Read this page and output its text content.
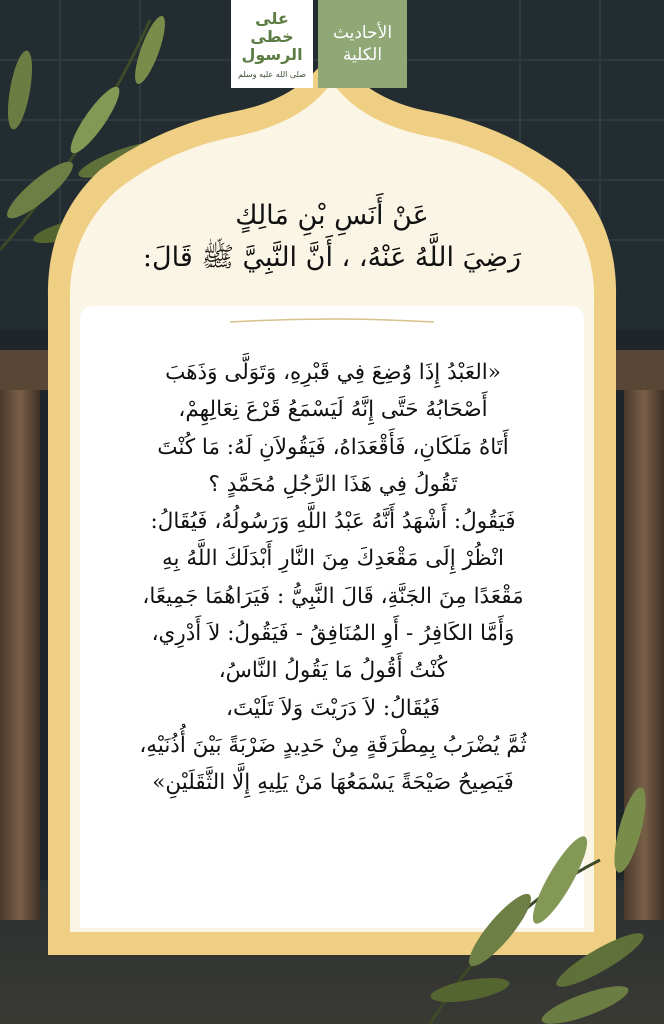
على
خطى
الرسول
صلى الله عليه وسلم
الأحاديث
الكلية
عَنْ أَنَسِ بْنِ مَالِكٍ
رَضِيَ اللَّهُ عَنْهُ، ، أَنَّ النَّبِيَّ ﷺ قَالَ:
«العَبْدُ إِذَا وُضِعَ فِي قَبْرِهِ، وَتَوَلَّى وَذَهَبَ
أَصْحَابُهُ حَتَّى إِنَّهُ لَيَسْمَعُ قَرْعَ نِعَالِهِمْ،
أَتَاهُ مَلَكَانِ، فَأَقْعَدَاهُ، فَيَقُولاَنِ لَهُ: مَا كُنْتَ
تَقُولُ فِي هَذَا الرَّجُلِ مُحَمَّدٍ ؟
فَيَقُولُ: أَشْهَدُ أَنَّهُ عَبْدُ اللَّهِ وَرَسُولُهُ، فَيُقَالُ:
انْظُرْ إِلَى مَقْعَدِكَ مِنَ النَّارِ أَبْدَلَكَ اللَّهُ بِهِ
مَقْعَدًا مِنَ الجَنَّةِ، قَالَ النَّبِيُّ : فَيَرَاهُمَا جَمِيعًا،
وَأَمَّا الكَافِرُ - أَوِ المُنَافِقُ - فَيَقُولُ: لاَ أَدْرِي،
كُنْتُ أَقُولُ مَا يَقُولُ النَّاسُ،
فَيُقَالُ: لاَ دَرَيْتَ وَلاَ تَلَيْتَ،
ثُمَّ يُضْرَبُ بِمِطْرَقَةٍ مِنْ حَدِيدٍ ضَرْبَةً بَيْنَ أُذُنَيْهِ،
فَيَصِيحُ صَيْحَةً يَسْمَعُهَا مَنْ يَلِيهِ إِلَّا الثَّقَلَيْنِ»
